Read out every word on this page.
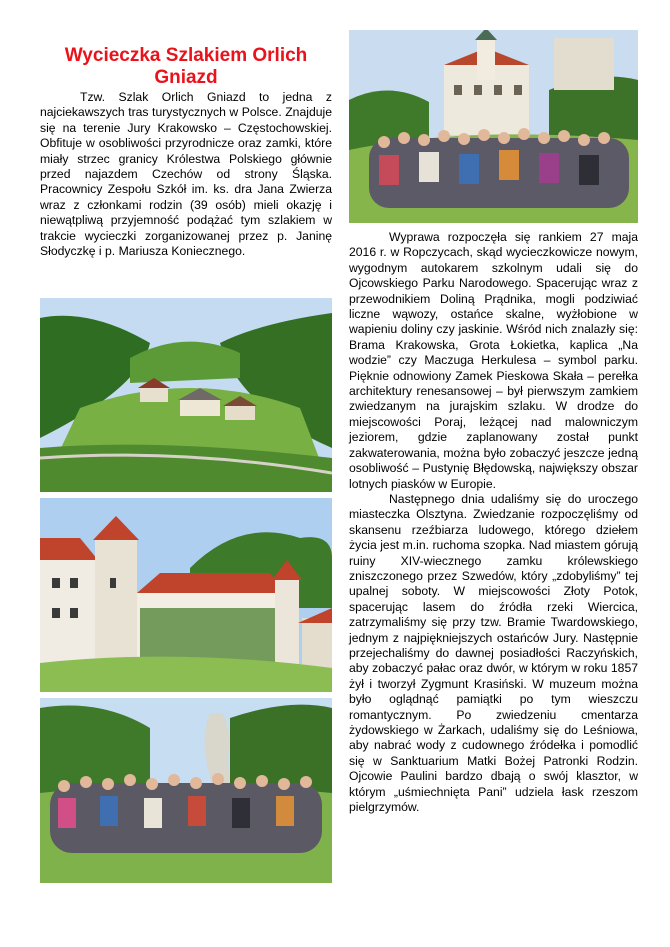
Wycieczka Szlakiem Orlich Gniazd

Tzw. Szlak Orlich Gniazd to jedna z najciekawszych tras turystycznych w Polsce. Znajduje się na terenie Jury Krakowsko – Częstochowskiej. Obfituje w osobliwości przyrodnicze oraz zamki, które miały strzec granicy Królestwa Polskiego głównie przed najazdem Czechów od strony Śląska. Pracownicy Zespołu Szkół im. ks. dra Jana Zwierza wraz z członkami rodzin (39 osób) mieli okazję i niewątpliwą przyjemność podążać tym szlakiem w trakcie wycieczki zorganizowanej przez p. Janinę Słodyczkę i p. Mariusza Koniecznego.

Wyprawa rozpoczęła się rankiem 27 maja 2016 r. w Ropczycach, skąd wycieczkowicze nowym, wygodnym autokarem szkolnym udali się do Ojcowskiego Parku Narodowego. Spacerując wraz z przewodnikiem Doliną Prądnika, mogli podziwiać liczne wąwozy, ostańce skalne, wyżłobione w wapieniu doliny czy jaskinie. Wśród nich znalazły się: Brama Krakowska, Grota Łokietka, kaplica „Na wodzie” czy Maczuga Herkulesa – symbol parku. Pięknie odnowiony Zamek Pieskowa Skała – perełka architektury renesansowej – był pierwszym zamkiem zwiedzanym na jurajskim szlaku. W drodze do miejscowości Poraj, leżącej nad malowniczym jeziorem, gdzie zaplanowany został punkt zakwaterowania, można było zobaczyć jeszcze jedną osobliwość – Pustynię Błędowską, największy obszar lotnych piasków w Europie.

Następnego dnia udaliśmy się do uroczego miasteczka Olsztyna. Zwiedzanie rozpoczęliśmy od skansenu rzeźbiarza ludowego, którego dziełem życia jest m.in. ruchoma szopka. Nad miastem górują ruiny XIV-wiecznego zamku królewskiego zniszczonego przez Szwedów, który „zdobyliśmy” tej upalnej soboty. W miejscowości Złoty Potok, spacerując lasem do źródła rzeki Wiercica, zatrzymaliśmy się przy tzw. Bramie Twardowskiego, jednym z najpiękniejszych ostańców Jury. Następnie przejechaliśmy do dawnej posiadłości Raczyńskich, aby zobaczyć pałac oraz dwór, w którym w roku 1857 żył i tworzył Zygmunt Krasiński. W muzeum można było oglądnąć pamiątki po tym wieszczu romantycznym. Po zwiedzeniu cmentarza żydowskiego w Żarkach, udaliśmy się do Leśniowa, aby nabrać wody z cudownego źródełka i pomodlić się w Sanktuarium Matki Bożej Patronki Rodzin. Ojcowie Paulini bardzo dbają o swój klasztor, w którym „uśmiechnięta Pani” udziela łask rzeszom pielgrzymów.
